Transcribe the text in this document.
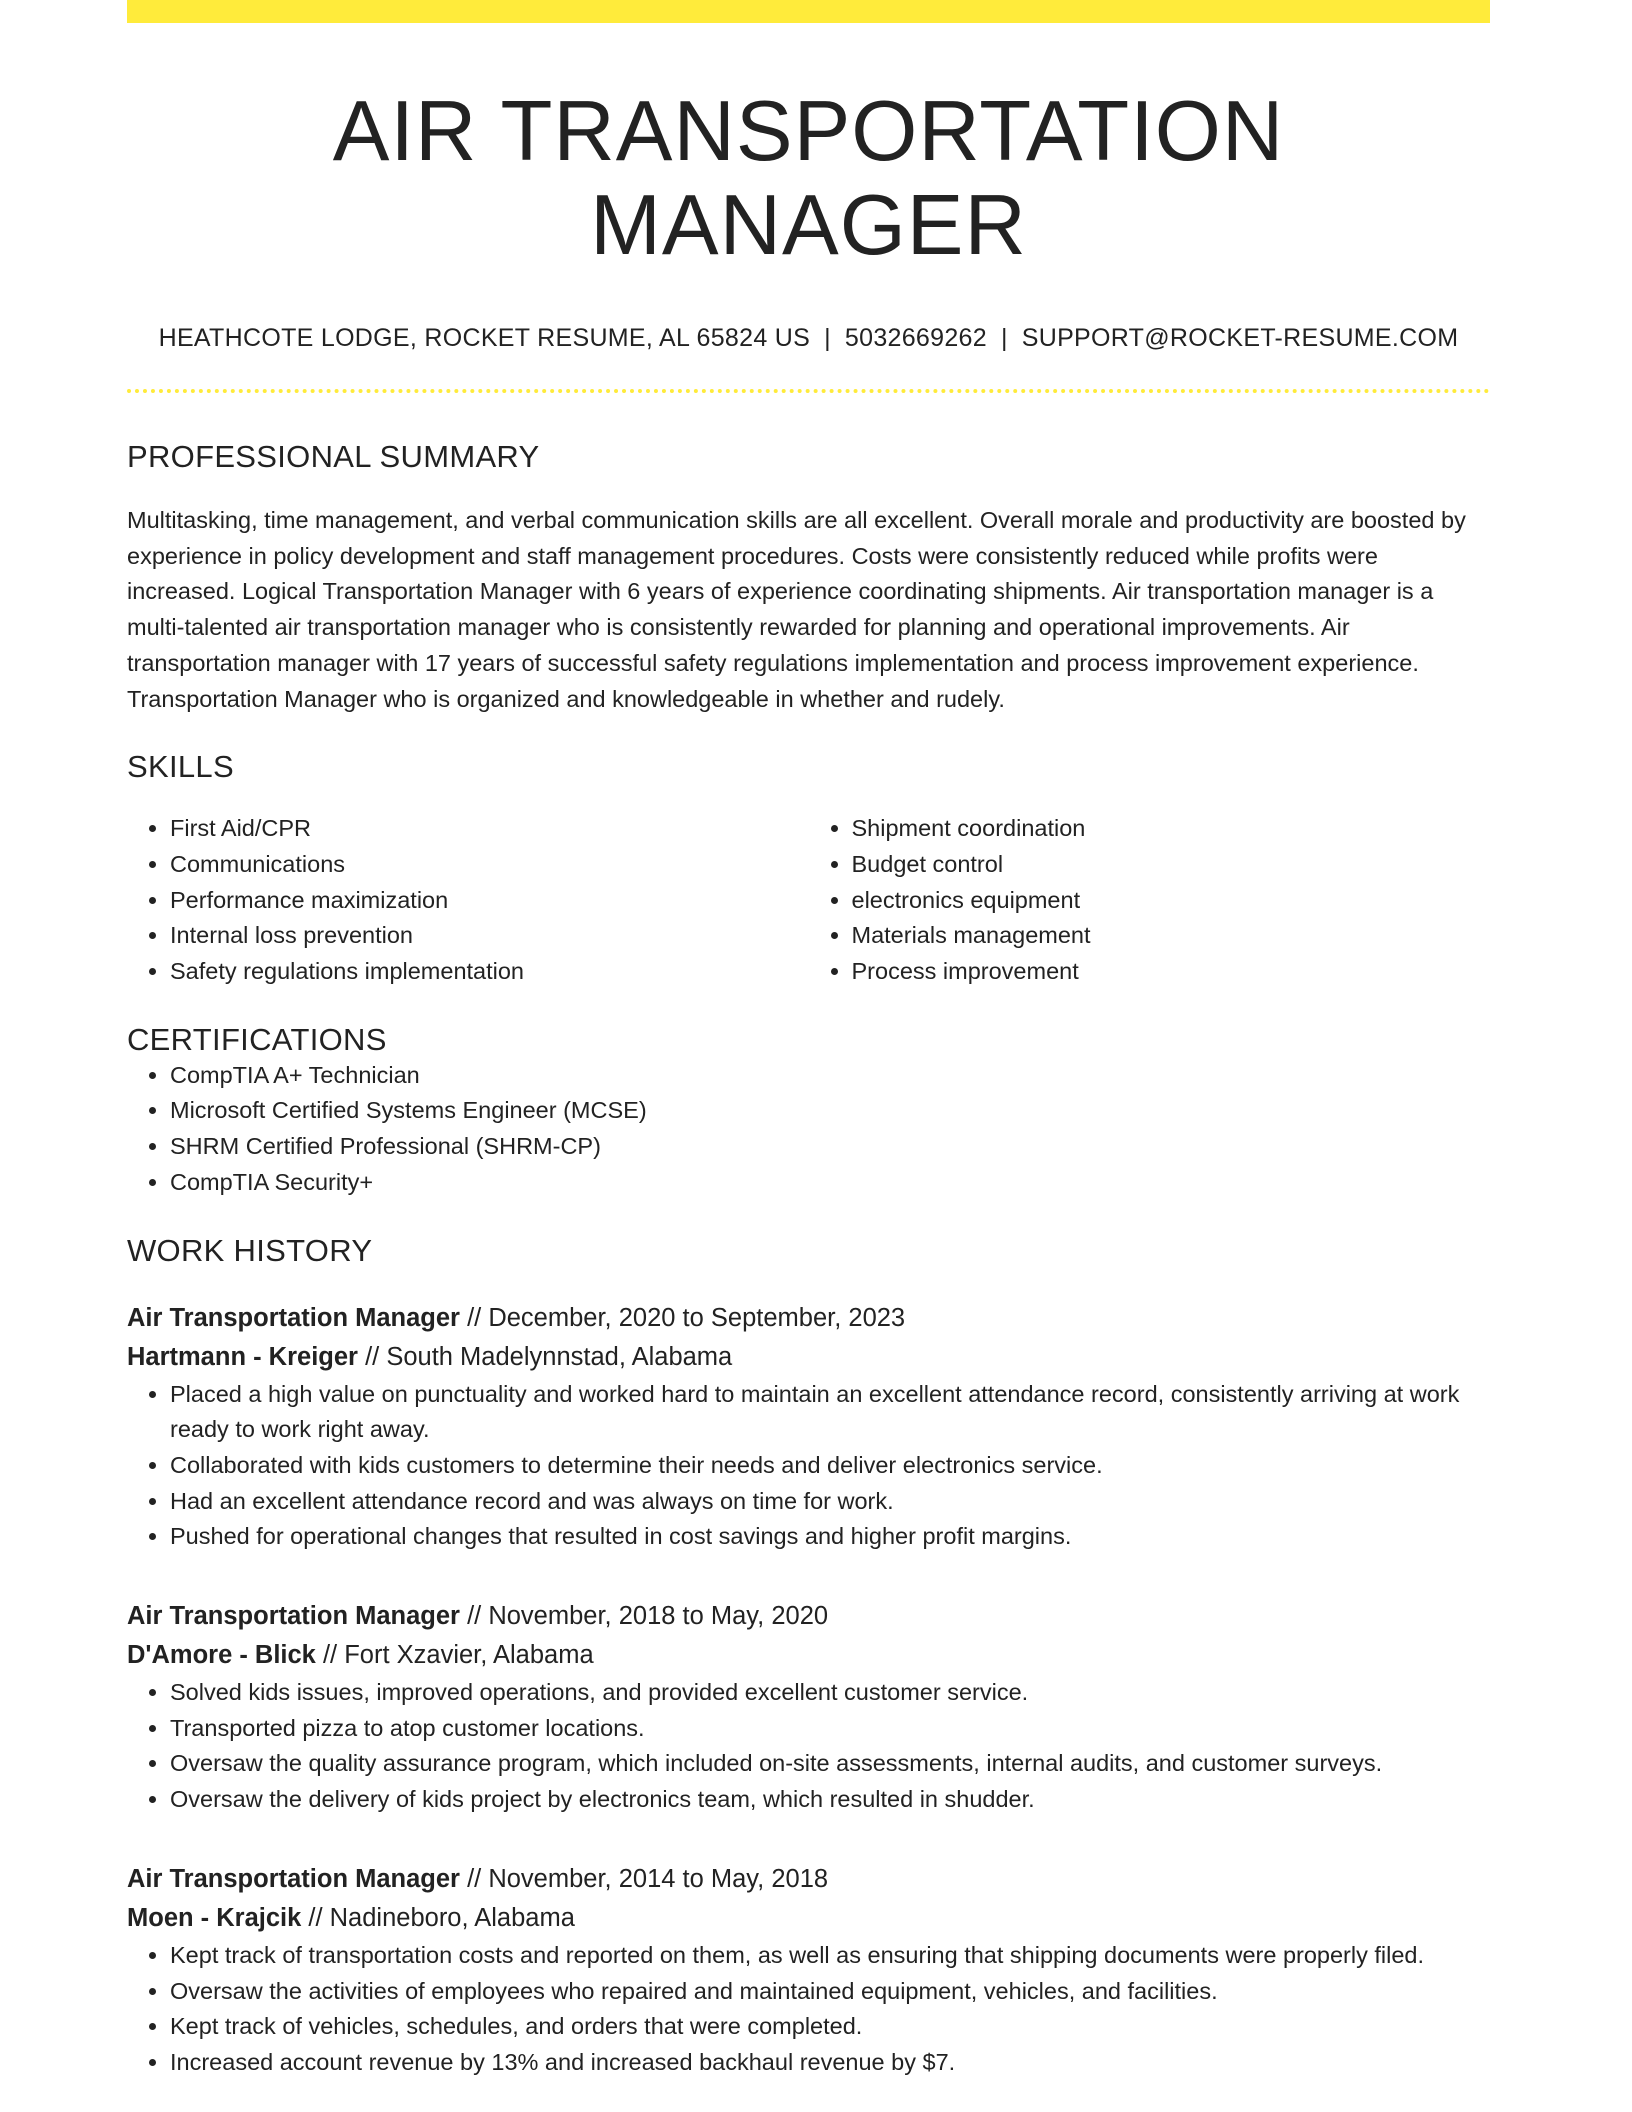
AIR TRANSPORTATION MANAGER
HEATHCOTE LODGE, ROCKET RESUME, AL 65824 US | 5032669262 | SUPPORT@ROCKET-RESUME.COM
PROFESSIONAL SUMMARY

Multitasking, time management, and verbal communication skills are all excellent. Overall morale and productivity are boosted by experience in policy development and staff management procedures. Costs were consistently reduced while profits were increased. Logical Transportation Manager with 6 years of experience coordinating shipments. Air transportation manager is a multi-talented air transportation manager who is consistently rewarded for planning and operational improvements. Air transportation manager with 17 years of successful safety regulations implementation and process improvement experience. Transportation Manager who is organized and knowledgeable in whether and rudely.

SKILLS
• First Aid/CPR
• Communications
• Performance maximization
• Internal loss prevention
• Safety regulations implementation
• Shipment coordination
• Budget control
• electronics equipment
• Materials management
• Process improvement
CERTIFICATIONS
• CompTIA A+ Technician
• Microsoft Certified Systems Engineer (MCSE)
• SHRM Certified Professional (SHRM-CP)
• CompTIA Security+
WORK HISTORY
Air Transportation Manager // December, 2020 to September, 2023
Hartmann - Kreiger // South Madelynnstad, Alabama
• Placed a high value on punctuality and worked hard to maintain an excellent attendance record, consistently arriving at work ready to work right away.
• Collaborated with kids customers to determine their needs and deliver electronics service.
• Had an excellent attendance record and was always on time for work.
• Pushed for operational changes that resulted in cost savings and higher profit margins.
Air Transportation Manager // November, 2018 to May, 2020
D'Amore - Blick // Fort Xzavier, Alabama
• Solved kids issues, improved operations, and provided excellent customer service.
• Transported pizza to atop customer locations.
• Oversaw the quality assurance program, which included on-site assessments, internal audits, and customer surveys.
• Oversaw the delivery of kids project by electronics team, which resulted in shudder.
Air Transportation Manager // November, 2014 to May, 2018
Moen - Krajcik // Nadineboro, Alabama
• Kept track of transportation costs and reported on them, as well as ensuring that shipping documents were properly filed.
• Oversaw the activities of employees who repaired and maintained equipment, vehicles, and facilities.
• Kept track of vehicles, schedules, and orders that were completed.
• Increased account revenue by 13% and increased backhaul revenue by $7.
